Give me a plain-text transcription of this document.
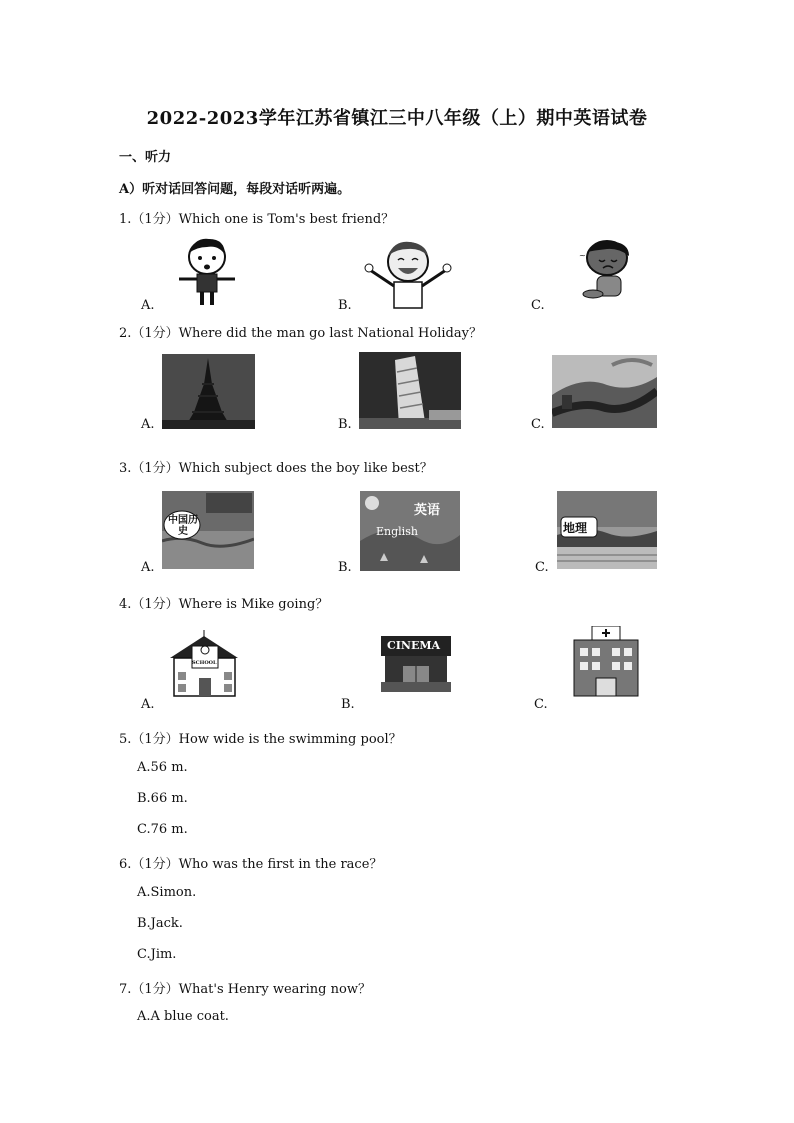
2022-2023学年江苏省镇江三中八年级（上）期中英语试卷
一、听力
A）听对话回答问题，每段对话听两遍。
1.（1分）Which one is Tom's best friend？
A.	B.	C.
~
2.（1分）Where did the man go last National Holiday？
A.	B.	C.
3.（1分）Which subject does the boy like best？
A.
中国历史
B.
英语
English
C.
地理
4.（1分）Where is Mike going？
A.
SCHOOL
B.
CINEMA
C.
5.（1分）How wide is the swimming pool？
A.56 m.
B.66 m.
C.76 m.
6.（1分）Who was the first in the race？
A.Simon.
B.Jack.
C.Jim.
7.（1分）What's Henry wearing now？
A.A blue coat.
